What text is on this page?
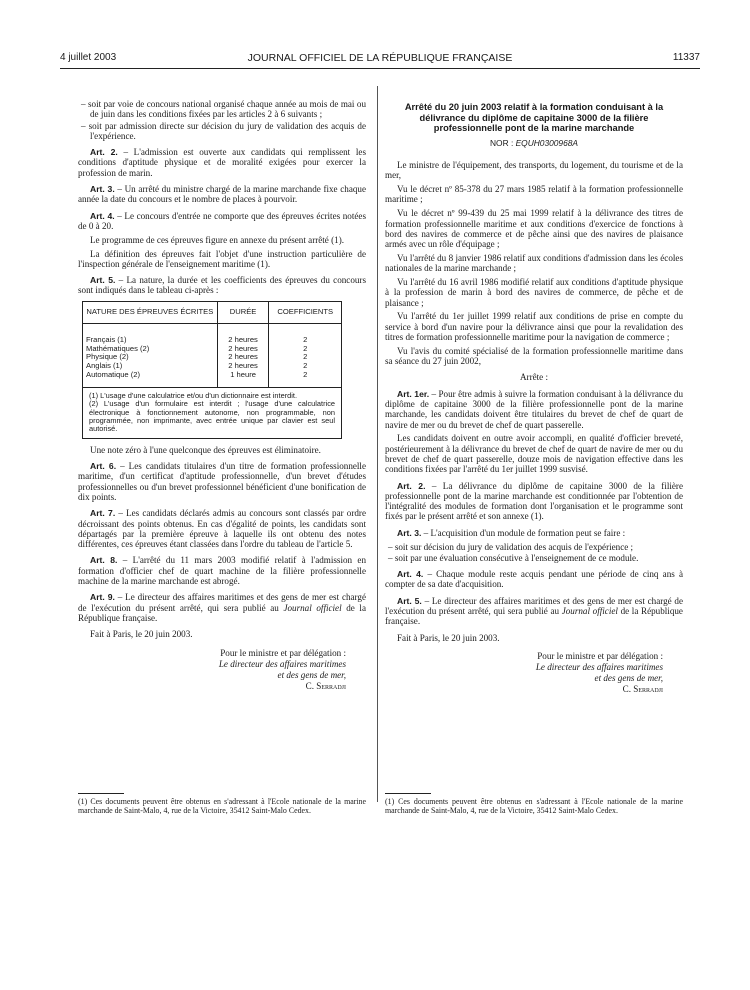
4 juillet 2003	JOURNAL OFFICIEL DE LA RÉPUBLIQUE FRANÇAISE	11337

– soit par voie de concours national organisé chaque année au mois de mai ou de juin dans les conditions fixées par les articles 2 à 6 suivants ;

– soit par admission directe sur décision du jury de validation des acquis de l'expérience.

Art. 2. – L'admission est ouverte aux candidats qui remplissent les conditions d'aptitude physique et de moralité exigées pour exercer la profession de marin.

Art. 3. – Un arrêté du ministre chargé de la marine marchande fixe chaque année la date du concours et le nombre de places à pourvoir.

Art. 4. – Le concours d'entrée ne comporte que des épreuves écrites notées de 0 à 20.

Le programme de ces épreuves figure en annexe du présent arrêté (1).

La définition des épreuves fait l'objet d'une instruction particulière de l'inspection générale de l'enseignement maritime (1).

Art. 5. – La nature, la durée et les coefficients des épreuves du concours sont indiqués dans le tableau ci-après :

NATURE DES ÉPREUVES ÉCRITES	DURÉE	COEFFICIENTS

Français (1)	2 heures	2
Mathématiques (2)	2 heures	2
Physique (2)	2 heures	2
Anglais (1)	2 heures	2
Automatique (2)	1 heure	2

(1) L'usage d'une calculatrice et/ou d'un dictionnaire est interdit.
(2) L'usage d'un formulaire est interdit ; l'usage d'une calculatrice électronique à fonctionnement autonome, non programmable, non programmée, non imprimante, avec entrée unique par clavier est seul autorisé.		

Une note zéro à l'une quelconque des épreuves est éliminatoire.

Art. 6. – Les candidats titulaires d'un titre de formation professionnelle maritime, d'un certificat d'aptitude professionnelle, d'un brevet d'études professionnelles ou d'un brevet professionnel bénéficient d'une bonification de dix points.

Art. 7. – Les candidats déclarés admis au concours sont classés par ordre décroissant des points obtenus. En cas d'égalité de points, les candidats sont départagés par la première épreuve à laquelle ils ont obtenu des notes différentes, ces épreuves étant classées dans l'ordre du tableau de l'article 5.

Art. 8. – L'arrêté du 11 mars 2003 modifié relatif à l'admission en formation d'officier chef de quart machine de la filière professionnelle machine de la marine marchande est abrogé.

Art. 9. – Le directeur des affaires maritimes et des gens de mer est chargé de l'exécution du présent arrêté, qui sera publié au Journal officiel de la République française.

Fait à Paris, le 20 juin 2003.

Pour le ministre et par délégation :
Le directeur des affaires maritimes
et des gens de mer,
C. Serradji
Arrêté du 20 juin 2003 relatif à la formation conduisant à la délivrance du diplôme de capitaine 3000 de la filière professionnelle pont de la marine marchande
NOR : EQUH0300968A

Le ministre de l'équipement, des transports, du logement, du tourisme et de la mer,

Vu le décret nº 85-378 du 27 mars 1985 relatif à la formation professionnelle maritime ;

Vu le décret nº 99-439 du 25 mai 1999 relatif à la délivrance des titres de formation professionnelle maritime et aux conditions d'exercice de fonctions à bord des navires de commerce et de pêche ainsi que des navires de plaisance armés avec un rôle d'équipage ;

Vu l'arrêté du 8 janvier 1986 relatif aux conditions d'admission dans les écoles nationales de la marine marchande ;

Vu l'arrêté du 16 avril 1986 modifié relatif aux conditions d'aptitude physique à la profession de marin à bord des navires de commerce, de pêche et de plaisance ;

Vu l'arrêté du 1er juillet 1999 relatif aux conditions de prise en compte du service à bord d'un navire pour la délivrance ainsi que pour la revalidation des titres de formation professionnelle maritime pour la navigation de commerce ;

Vu l'avis du comité spécialisé de la formation professionnelle maritime dans sa séance du 27 juin 2002,

Arrête :

Art. 1er. – Pour être admis à suivre la formation conduisant à la délivrance du diplôme de capitaine 3000 de la filière professionnelle pont de la marine marchande, les candidats doivent être titulaires du brevet de chef de quart de navire de mer ou du brevet de chef de quart passerelle.

Les candidats doivent en outre avoir accompli, en qualité d'officier breveté, postérieurement à la délivrance du brevet de chef de quart de navire de mer ou du brevet de chef de quart passerelle, douze mois de navigation effective dans les conditions fixées par l'arrêté du 1er juillet 1999 susvisé.

Art. 2. – La délivrance du diplôme de capitaine 3000 de la filière professionnelle pont de la marine marchande est conditionnée par l'obtention de l'intégralité des modules de formation dont l'organisation et le programme sont fixés par le présent arrêté et son annexe (1).

Art. 3. – L'acquisition d'un module de formation peut se faire :

– soit sur décision du jury de validation des acquis de l'expérience ;

– soit par une évaluation consécutive à l'enseignement de ce module.

Art. 4. – Chaque module reste acquis pendant une période de cinq ans à compter de sa date d'acquisition.

Art. 5. – Le directeur des affaires maritimes et des gens de mer est chargé de l'exécution du présent arrêté, qui sera publié au Journal officiel de la République française.

Fait à Paris, le 20 juin 2003.

Pour le ministre et par délégation :
Le directeur des affaires maritimes
et des gens de mer,
C. Serradji
(1) Ces documents peuvent être obtenus en s'adressant à l'Ecole nationale de la marine marchande de Saint-Malo, 4, rue de la Victoire, 35412 Saint-Malo Cedex.
(1) Ces documents peuvent être obtenus en s'adressant à l'Ecole nationale de la marine marchande de Saint-Malo, 4, rue de la Victoire, 35412 Saint-Malo Cedex.
